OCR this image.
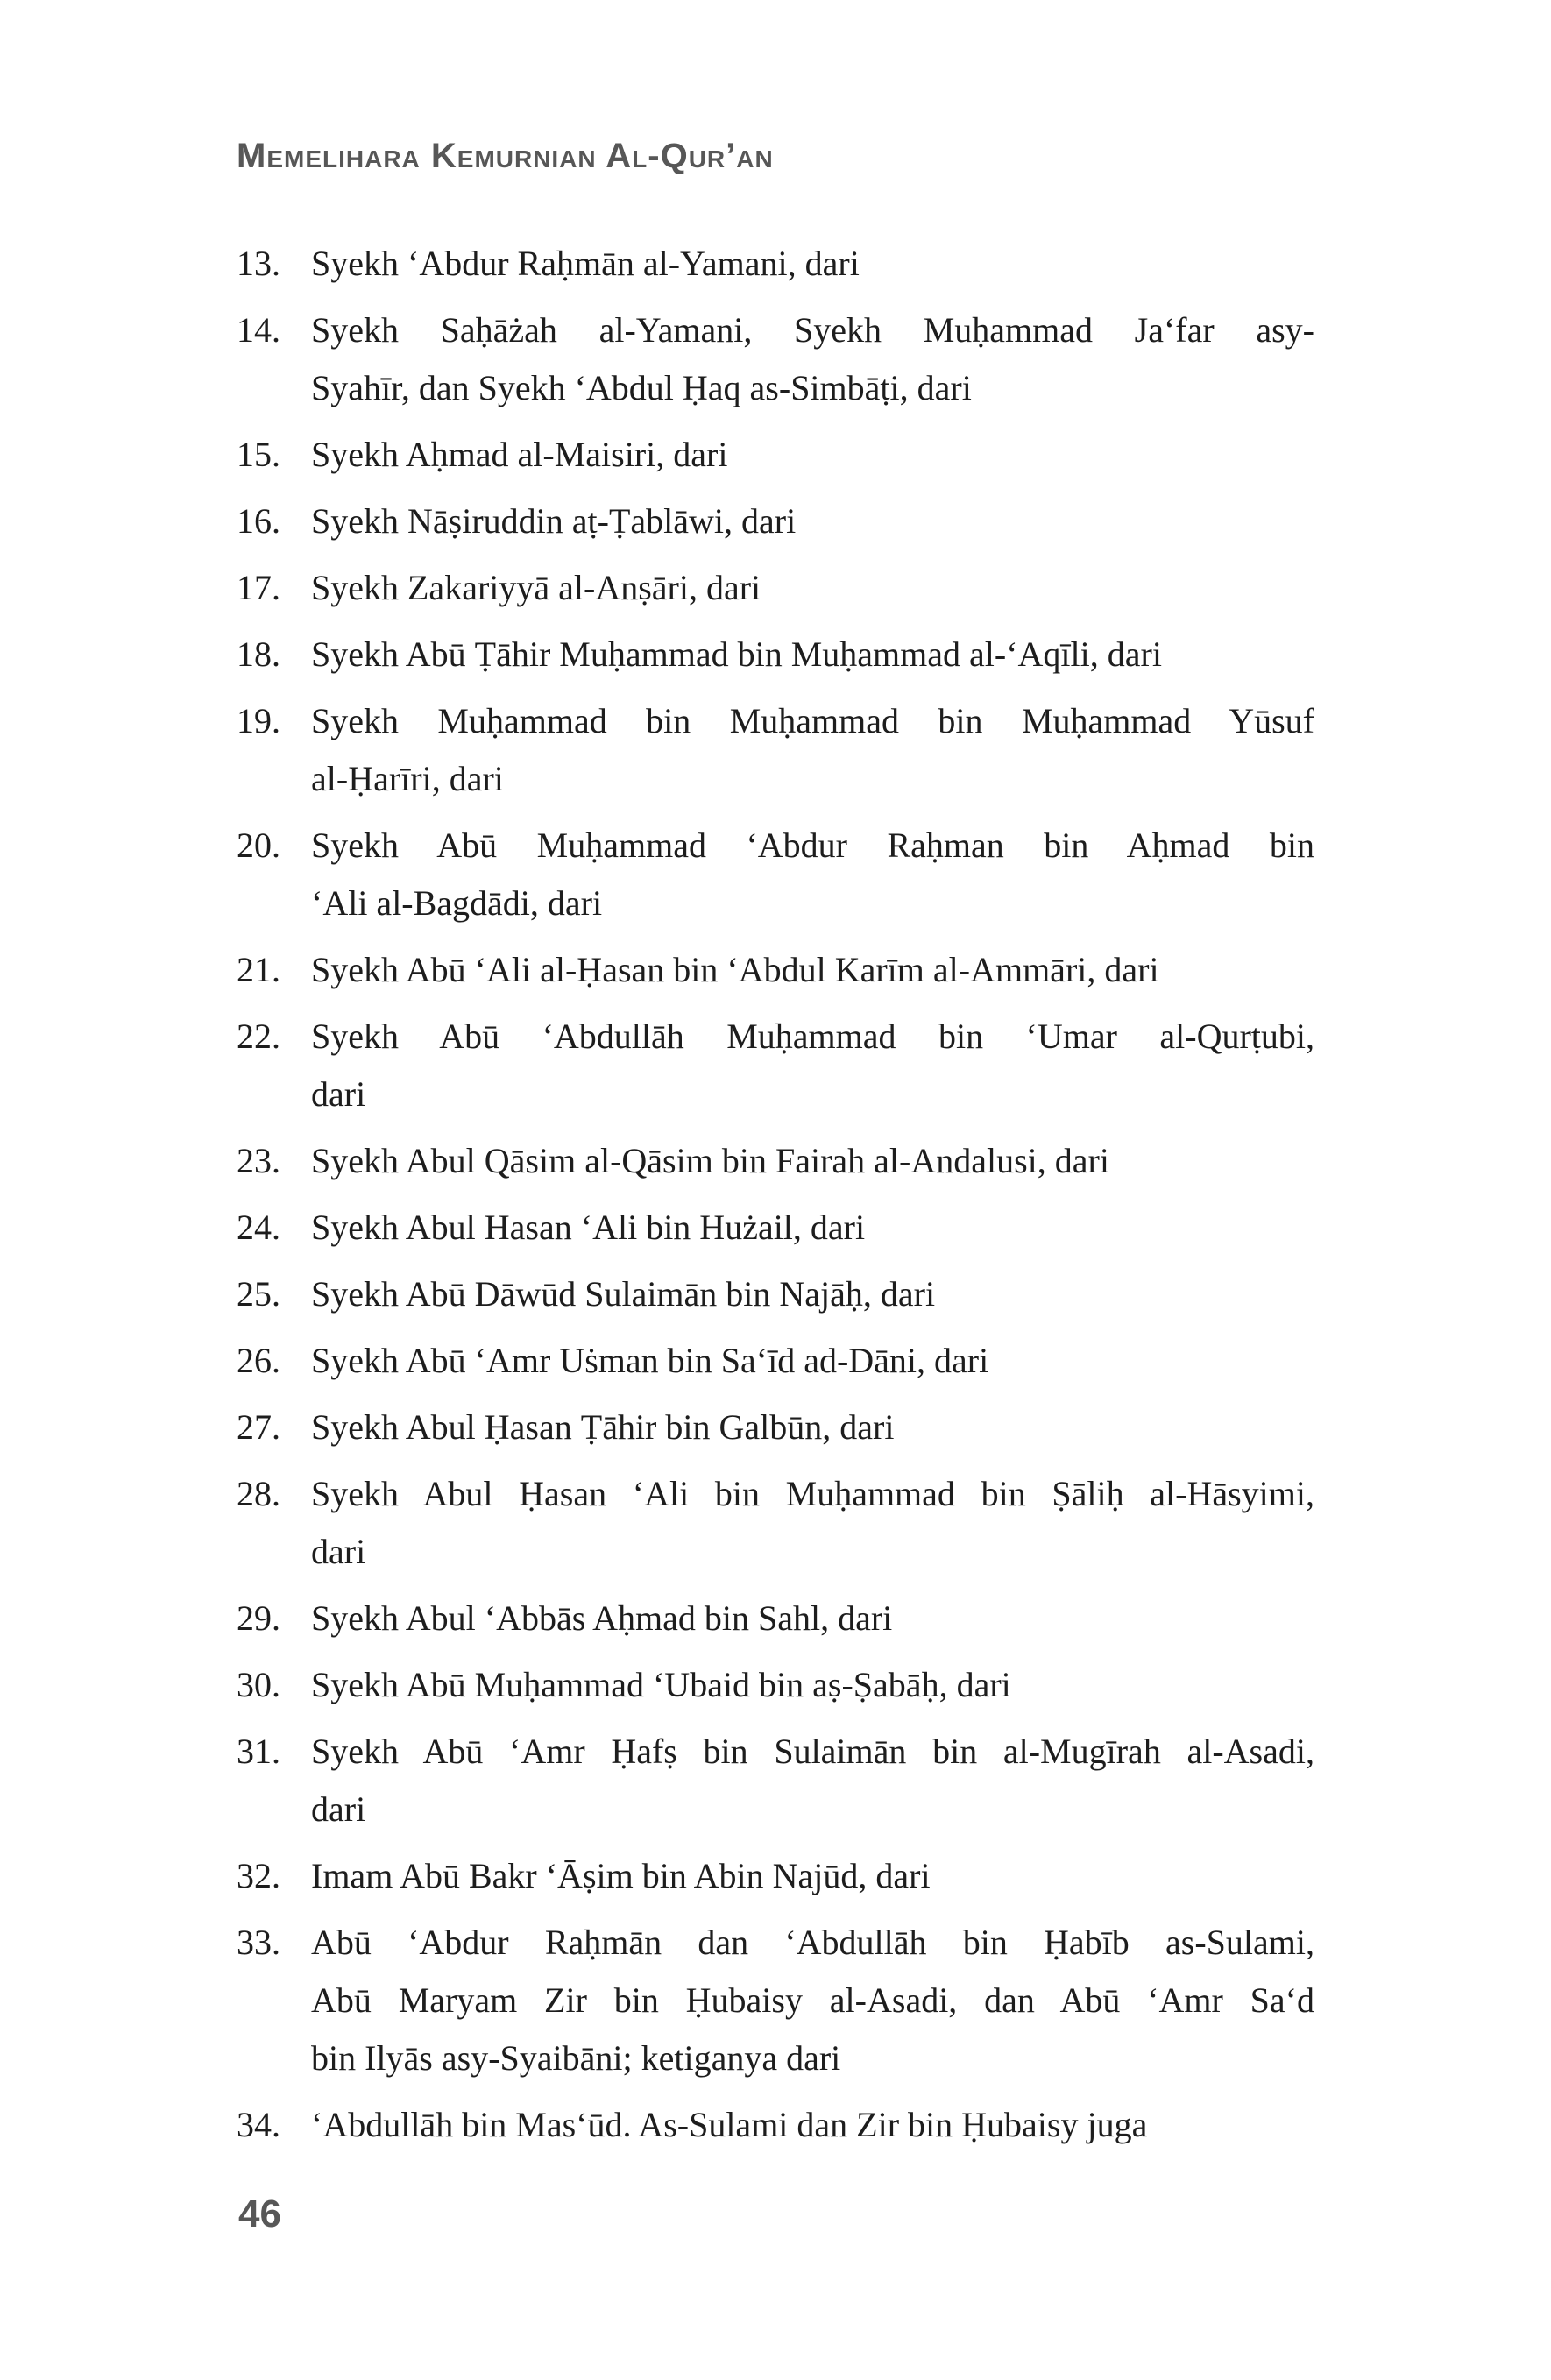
Memelihara Kemurnian Al-Qur’an
13. Syekh ‘Abdur Raḥmān al-Yamani, dari
14. Syekh Saḥāżah al-Yamani, Syekh Muḥammad Ja‘far asy-
Syahīr, dan Syekh ‘Abdul Ḥaq as-Simbāṭi, dari
15. Syekh Aḥmad al-Maisiri, dari
16. Syekh Nāṣiruddin aṭ-Ṭablāwi, dari
17. Syekh Zakariyyā al-Anṣāri, dari
18. Syekh Abū Ṭāhir Muḥammad bin Muḥammad al-‘Aqīli, dari
19. Syekh Muḥammad bin Muḥammad bin Muḥammad Yūsuf
al-Ḥarīri, dari
20. Syekh Abū Muḥammad ‘Abdur Raḥman bin Aḥmad bin
‘Ali al-Bagdādi, dari
21. Syekh Abū ‘Ali al-Ḥasan bin ‘Abdul Karīm al-Ammāri, dari
22. Syekh Abū ‘Abdullāh Muḥammad bin ‘Umar al-Qurṭubi,
dari
23. Syekh Abul Qāsim al-Qāsim bin Fairah al-Andalusi, dari
24. Syekh Abul Hasan ‘Ali bin Hużail, dari
25. Syekh Abū Dāwūd Sulaimān bin Najāḥ, dari
26. Syekh Abū ‘Amr Uṡman bin Sa‘īd ad-Dāni, dari
27. Syekh Abul Ḥasan Ṭāhir bin Galbūn, dari
28. Syekh Abul Ḥasan ‘Ali bin Muḥammad bin Ṣāliḥ al-Hāsyimi,
dari
29. Syekh Abul ‘Abbās Aḥmad bin Sahl, dari
30. Syekh Abū Muḥammad ‘Ubaid bin aṣ-Ṣabāḥ, dari
31. Syekh Abū ‘Amr Ḥafṣ bin Sulaimān bin al-Mugīrah al-Asadi,
dari
32. Imam Abū Bakr ‘Āṣim bin Abin Najūd, dari
33. Abū ‘Abdur Raḥmān dan ‘Abdullāh bin Ḥabīb as-Sulami,
Abū Maryam Zir bin Ḥubaisy al-Asadi, dan Abū ‘Amr Sa‘d
bin Ilyās asy-Syaibāni; ketiganya dari
34. ‘Abdullāh bin Mas‘ūd. As-Sulami dan Zir bin Ḥubaisy juga
46
